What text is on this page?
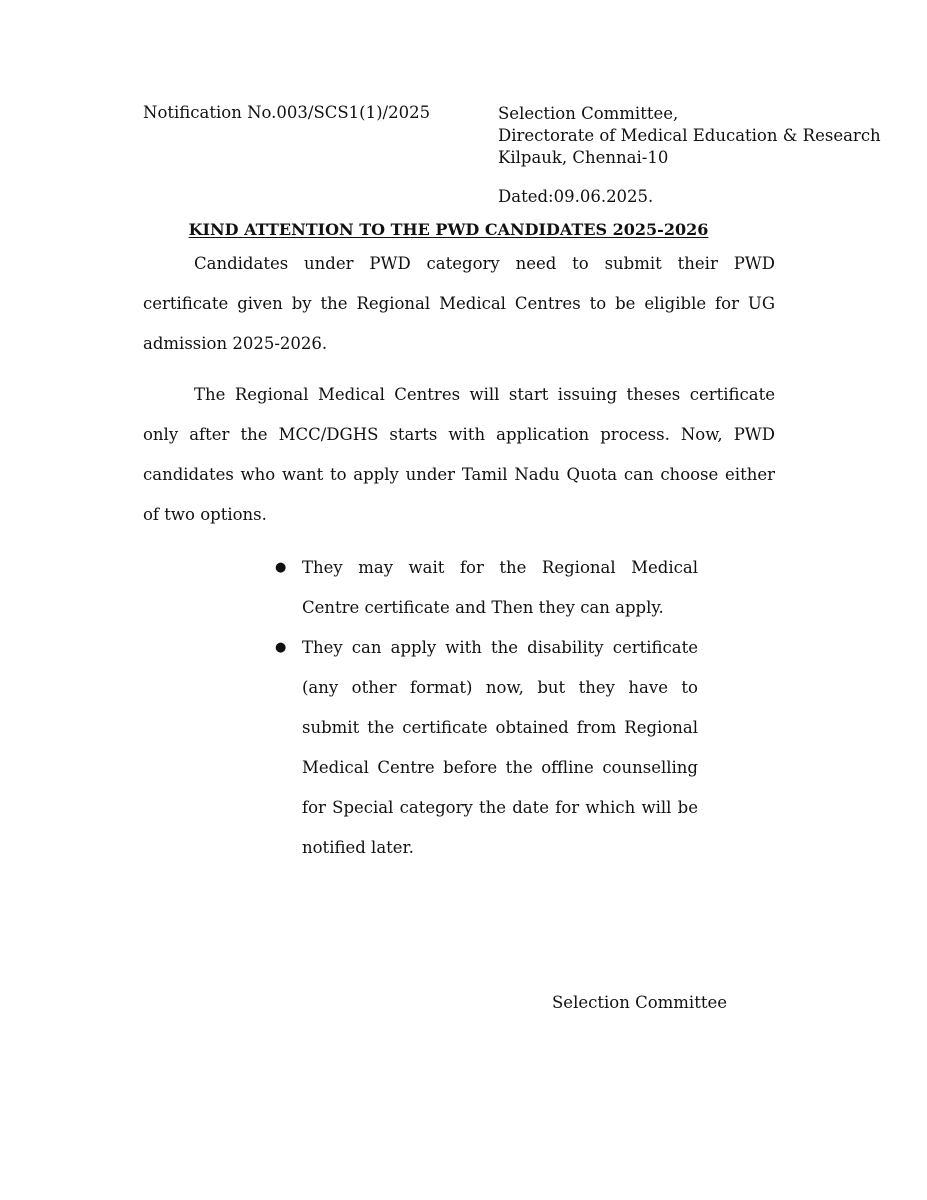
Notification No.003/SCS1(1)/2025	Selection Committee,
Directorate of Medical Education & Research
Kilpauk, Chennai-10
Dated:09.06.2025.
KIND ATTENTION TO THE PWD CANDIDATES 2025-2026
Candidates under PWD category need to submit their PWD certificate given by the Regional Medical Centres to be eligible for UG admission 2025-2026.
The Regional Medical Centres will start issuing theses certificate only after the MCC/DGHS starts with application process. Now, PWD candidates who want to apply under Tamil Nadu Quota can choose either of two options.
● They may wait for the Regional Medical Centre certificate and Then they can apply.
● They can apply with the disability certificate (any other format) now, but they have to submit the certificate obtained from Regional Medical Centre before the offline counselling for Special category the date for which will be notified later.
Selection Committee
